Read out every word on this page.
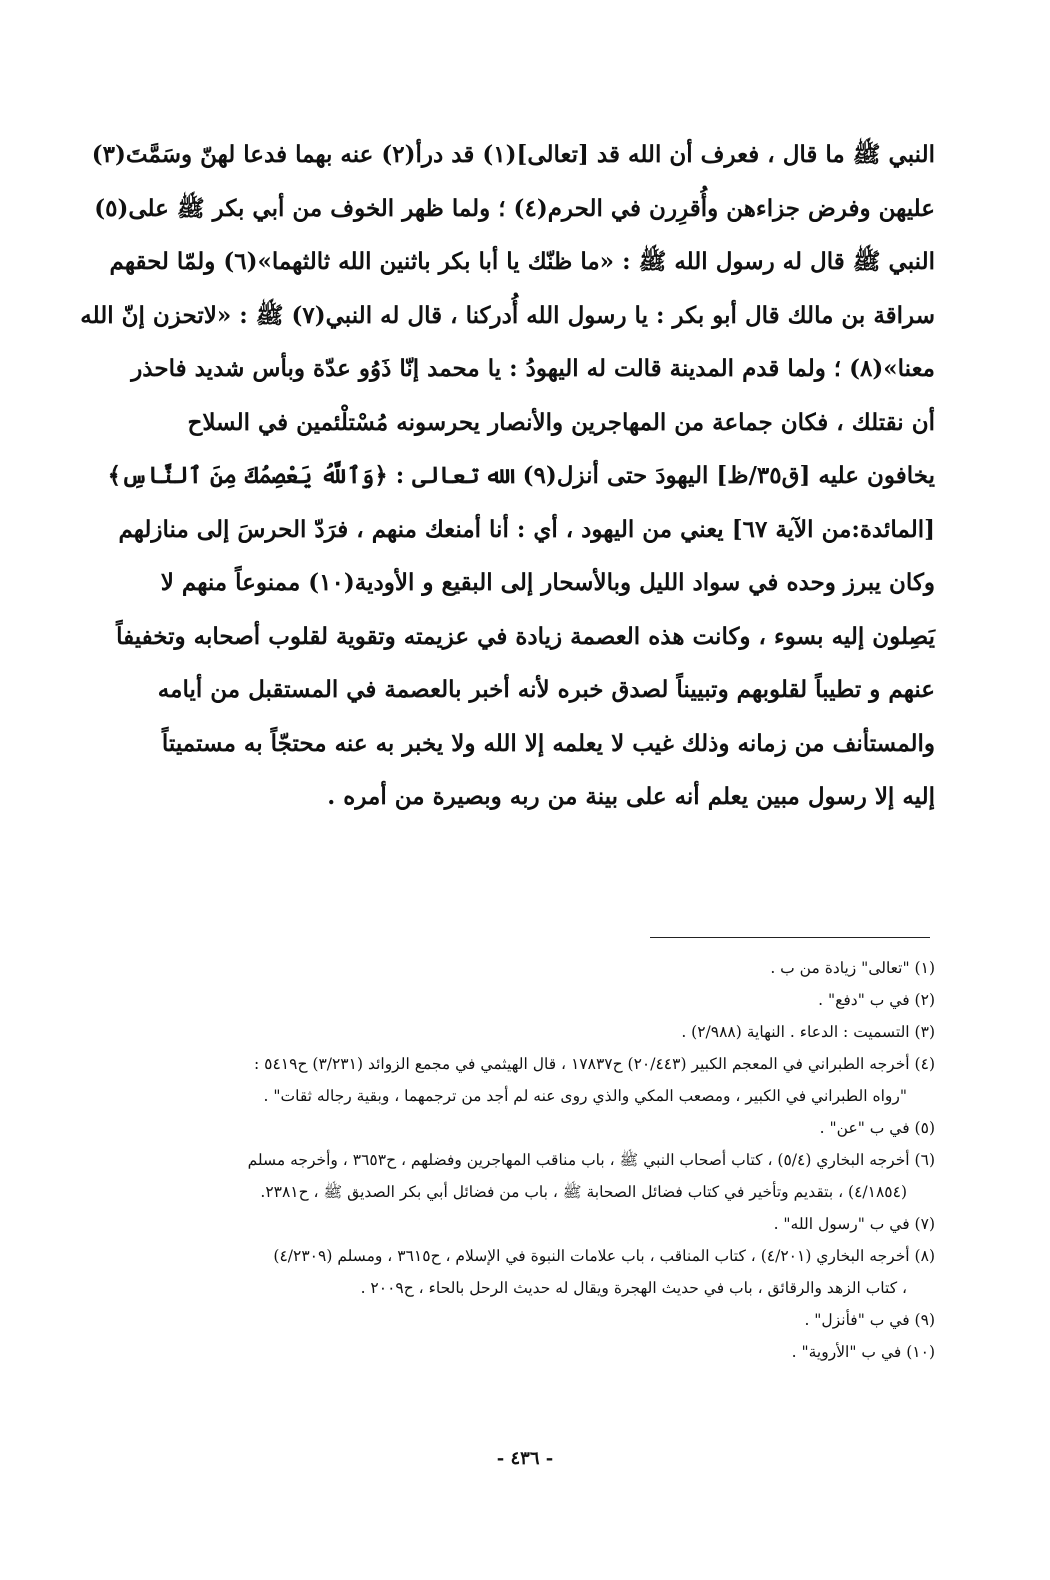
النبي ﷺ ما قال ، فعرف أن الله قد [تعالى](١) قد درأ(٢) عنه بهما فدعا لهنّ وسَمَّتَ(٣)
عليهن وفرض جزاءهن وأُقرِرن في الحرم(٤) ؛ ولما ظهر الخوف من أبي بكر ﷺ على(٥)
النبي ﷺ قال له رسول الله ﷺ : «ما ظنّك يا أبا بكر باثنين الله ثالثهما»(٦) ولمّا لحقهم
سراقة بن مالك قال أبو بكر : يا رسول الله أُدركنا ، قال له النبي(٧) ﷺ : «لاتحزن إنّ الله
معنا»(٨) ؛ ولما قدم المدينة قالت له اليهودُ : يا محمد إنّا ذَوُو عدّة وبأس شديد فاحذر
أن نقتلك ، فكان جماعة من المهاجرين والأنصار يحرسونه مُسْتلْئمين في السلاح
يخافون عليه [ق٣٥/ظ] اليهودَ حتى أنزل(٩) الله تعالى : ﴿وَٱللَّهُ يَعْصِمُكَ مِنَ ٱلنَّاسِ﴾
[المائدة:من الآية ٦٧] يعني من اليهود ، أي : أنا أمنعك منهم ، فرَدّ الحرسَ إلى منازلهم
وكان يبرز وحده في سواد الليل وبالأسحار إلى البقيع و الأودية(١٠) ممنوعاً منهم لا
يَصِلون إليه بسوء ، وكانت هذه العصمة زيادة في عزيمته وتقوية لقلوب أصحابه وتخفيفاً
عنهم و تطيباً لقلوبهم وتبييناً لصدق خبره لأنه أخبر بالعصمة في المستقبل من أيامه
والمستأنف من زمانه وذلك غيب لا يعلمه إلا الله ولا يخبر به عنه محتجّاً به مستميتاً
إليه إلا رسول مبين يعلم أنه على بينة من ربه وبصيرة من أمره .
(١) "تعالى" زيادة من ب .
(٢) في ب "دفع" .
(٣) التسميت : الدعاء . النهاية (٢/٩٨٨) .
(٤) أخرجه الطبراني في المعجم الكبير (٢٠/٤٤٣) ح١٧٨٣٧ ، قال الهيثمي في مجمع الزوائد (٣/٢٣١) ح٥٤١٩ :
"رواه الطبراني في الكبير ، ومصعب المكي والذي روى عنه لم أجد من ترجمهما ، وبقية رجاله ثقات" .
(٥) في ب "عن" .
(٦) أخرجه البخاري (٥/٤) ، كتاب أصحاب النبي ﷺ ، باب مناقب المهاجرين وفضلهم ، ح٣٦٥٣ ، وأخرجه مسلم
(٤/١٨٥٤) ، بتقديم وتأخير في كتاب فضائل الصحابة ﷺ ، باب من فضائل أبي بكر الصديق ﷺ ، ح٢٣٨١.
(٧) في ب "رسول الله" .
(٨) أخرجه البخاري (٤/٢٠١) ، كتاب المناقب ، باب علامات النبوة في الإسلام ، ح٣٦١٥ ، ومسلم (٤/٢٣٠٩)
، كتاب الزهد والرقائق ، باب في حديث الهجرة ويقال له حديث الرحل بالحاء ، ح٢٠٠٩ .
(٩) في ب "فأنزل" .
(١٠) في ب "الأروية" .
- ٤٣٦ -
